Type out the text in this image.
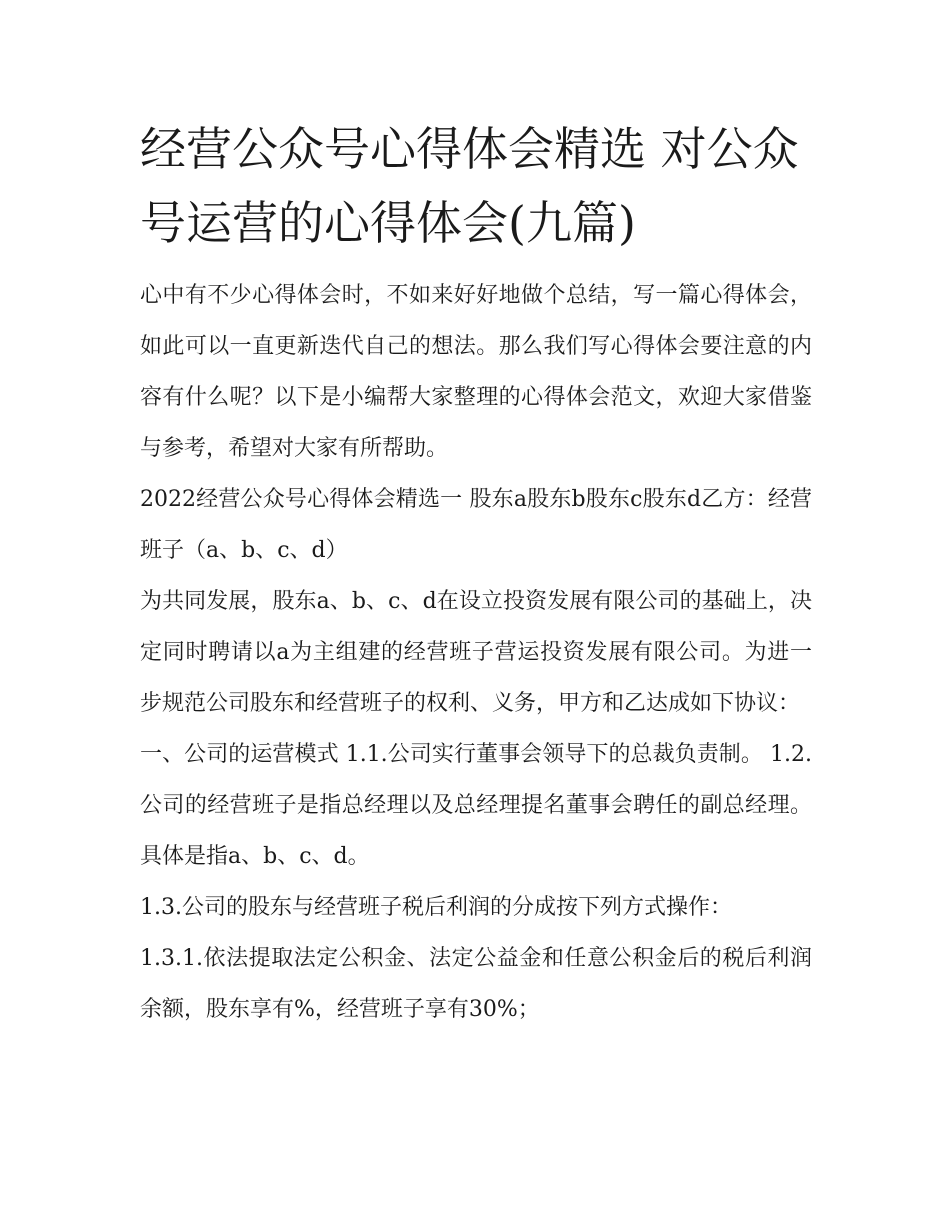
经营公众号心得体会精选 对公众号运营的心得体会(九篇)

心中有不少心得体会时，不如来好好地做个总结，写一篇心得体会，如此可以一直更新迭代自己的想法。那么我们写心得体会要注意的内容有什么呢？以下是小编帮大家整理的心得体会范文，欢迎大家借鉴与参考，希望对大家有所帮助。

2022经营公众号心得体会精选一 股东a股东b股东c股东d乙方：经营班子（a、b、c、d）

为共同发展，股东a、b、c、d在设立投资发展有限公司的基础上，决定同时聘请以a为主组建的经营班子营运投资发展有限公司。为进一步规范公司股东和经营班子的权利、义务，甲方和乙达成如下协议：

一、公司的运营模式 1.1.公司实行董事会领导下的总裁负责制。 1.2.公司的经营班子是指总经理以及总经理提名董事会聘任的副总经理。具体是指a、b、c、d。

1.3.公司的股东与经营班子税后利润的分成按下列方式操作：

1.3.1.依法提取法定公积金、法定公益金和任意公积金后的税后利润余额，股东享有%，经营班子享有30%；
